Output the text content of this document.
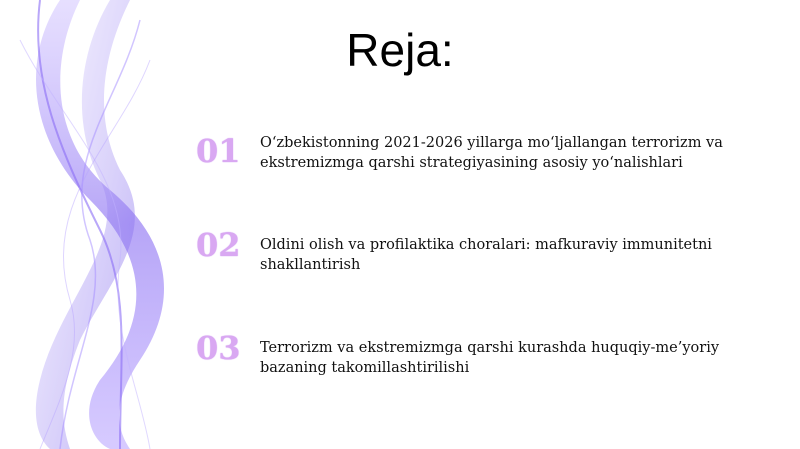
Reja:
01	O‘zbekistonning 2021-2026 yillarga mo‘ljallangan terrorizm va ekstremizmga qarshi strategiyasining asosiy yo‘nalishlari
02	Oldini olish va profilaktika choralari: mafkuraviy immunitetni shakllantirish
03	Terrorizm va ekstremizmga qarshi kurashda huquqiy-me’yoriy bazaning takomillashtirilishi
